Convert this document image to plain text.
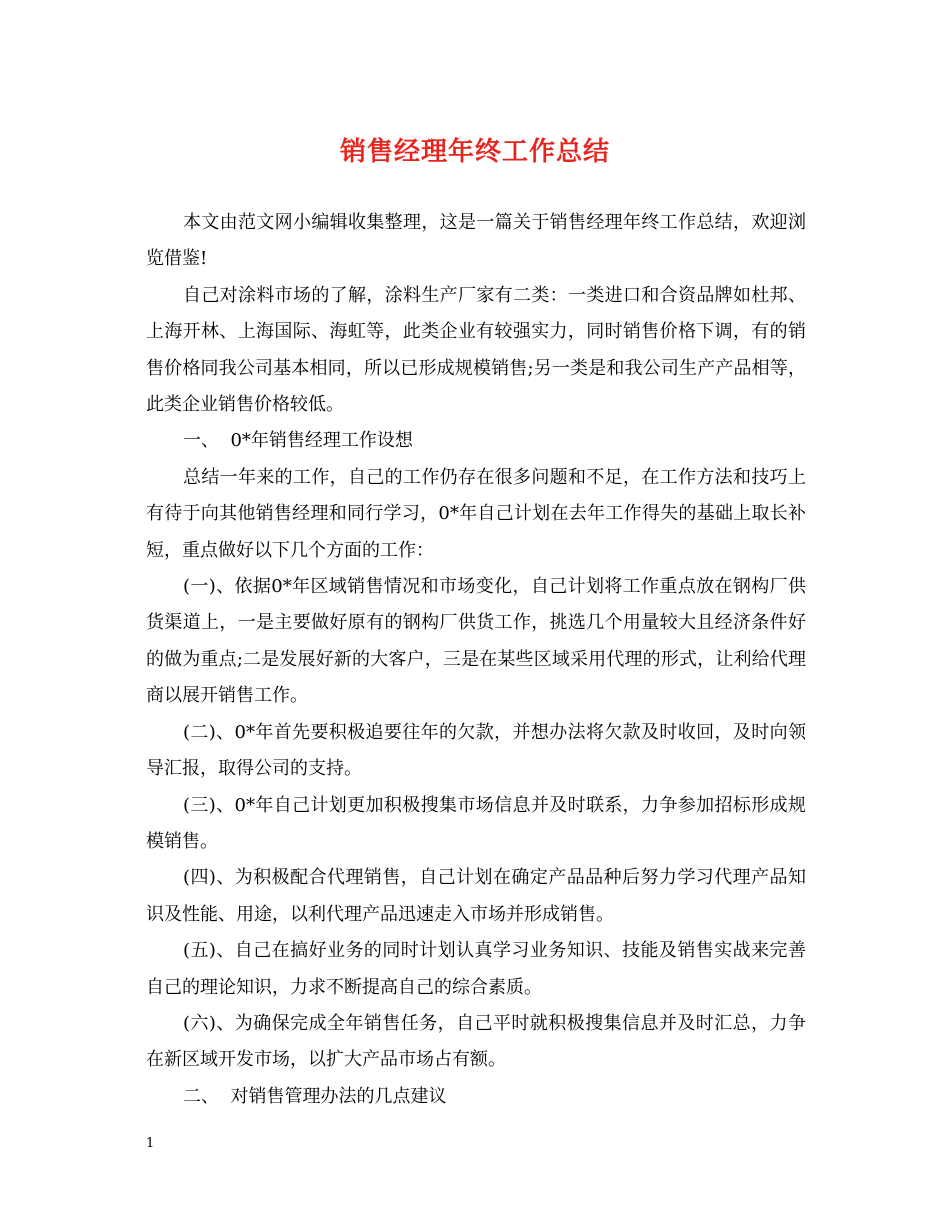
销售经理年终工作总结

本文由范文网小编辑收集整理，这是一篇关于销售经理年终工作总结，欢迎浏览借鉴!

自己对涂料市场的了解，涂料生产厂家有二类：一类进口和合资品牌如杜邦、上海开林、上海国际、海虹等，此类企业有较强实力，同时销售价格下调，有的销售价格同我公司基本相同，所以已形成规模销售;另一类是和我公司生产产品相等，此类企业销售价格较低。

一、  0*年销售经理工作设想

总结一年来的工作，自己的工作仍存在很多问题和不足，在工作方法和技巧上有待于向其他销售经理和同行学习，0*年自己计划在去年工作得失的基础上取长补短，重点做好以下几个方面的工作：

(一)、依据0*年区域销售情况和市场变化，自己计划将工作重点放在钢构厂供货渠道上，一是主要做好原有的钢构厂供货工作，挑选几个用量较大且经济条件好的做为重点;二是发展好新的大客户，三是在某些区域采用代理的形式，让利给代理商以展开销售工作。

(二)、0*年首先要积极追要往年的欠款，并想办法将欠款及时收回，及时向领导汇报，取得公司的支持。

(三)、0*年自己计划更加积极搜集市场信息并及时联系，力争参加招标形成规模销售。

(四)、为积极配合代理销售，自己计划在确定产品品种后努力学习代理产品知识及性能、用途，以利代理产品迅速走入市场并形成销售。

(五)、自己在搞好业务的同时计划认真学习业务知识、技能及销售实战来完善自己的理论知识，力求不断提高自己的综合素质。

(六)、为确保完成全年销售任务，自己平时就积极搜集信息并及时汇总，力争在新区域开发市场，以扩大产品市场占有额。

二、  对销售管理办法的几点建议

1
